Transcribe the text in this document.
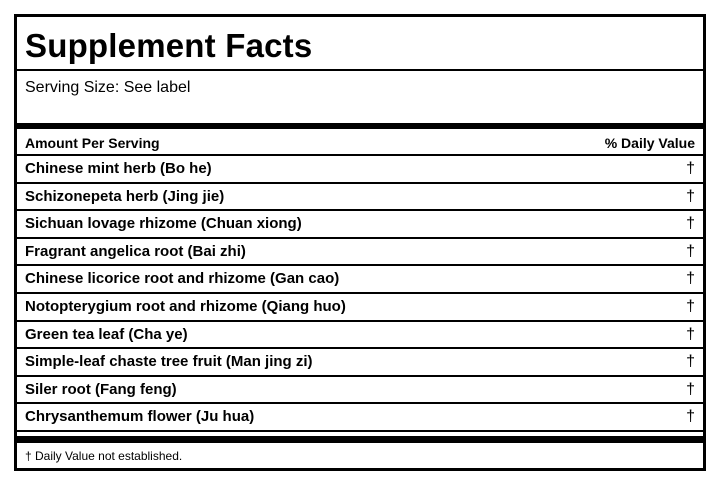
Supplement Facts
Serving Size: See label
Amount Per Serving	% Daily Value
Chinese mint herb (Bo he)	†
Schizonepeta herb (Jing jie)	†
Sichuan lovage rhizome (Chuan xiong)	†
Fragrant angelica root (Bai zhi)	†
Chinese licorice root and rhizome (Gan cao)	†
Notopterygium root and rhizome (Qiang huo)	†
Green tea leaf (Cha ye)	†
Simple-leaf chaste tree fruit (Man jing zi)	†
Siler root (Fang feng)	†
Chrysanthemum flower (Ju hua)	†
† Daily Value not established.
